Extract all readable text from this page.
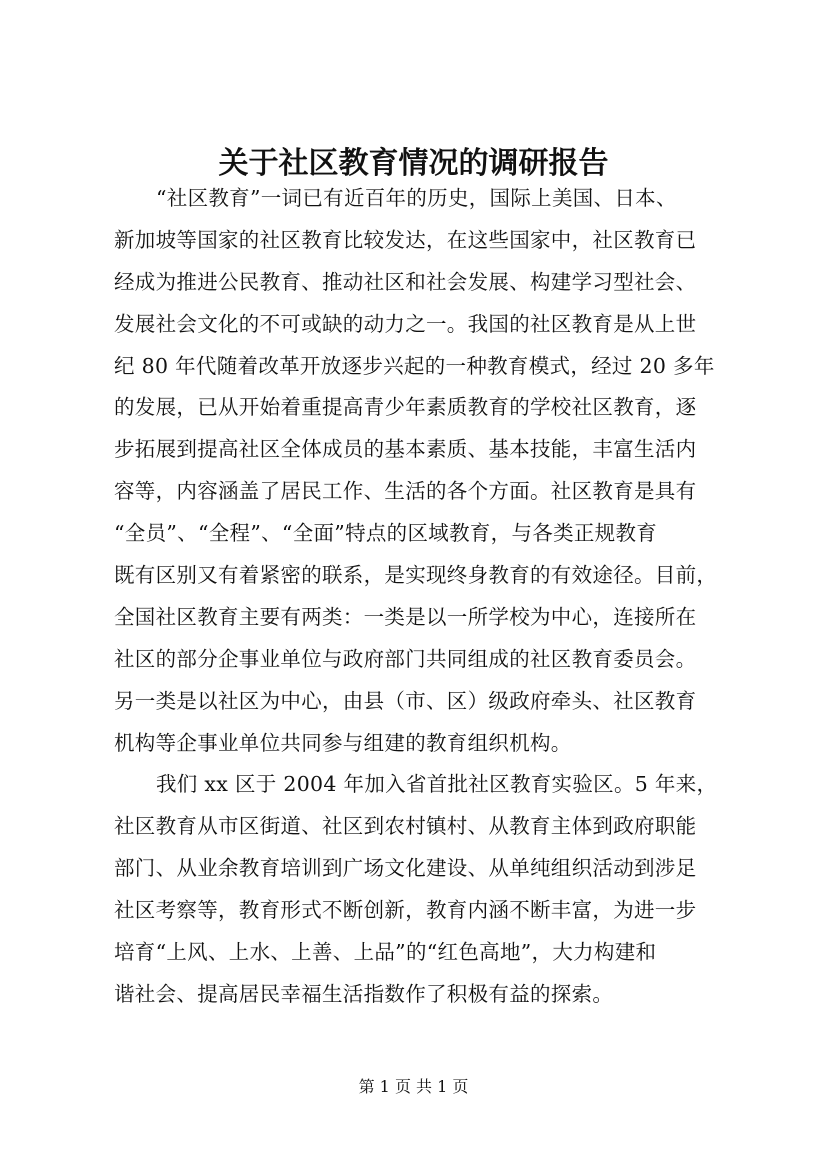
关于社区教育情况的调研报告
“社区教育”一词已有近百年的历史，国际上美国、日本、
新加坡等国家的社区教育比较发达，在这些国家中，社区教育已
经成为推进公民教育、推动社区和社会发展、构建学习型社会、
发展社会文化的不可或缺的动力之一。我国的社区教育是从上世
纪 80 年代随着改革开放逐步兴起的一种教育模式，经过 20 多年
的发展，已从开始着重提高青少年素质教育的学校社区教育，逐
步拓展到提高社区全体成员的基本素质、基本技能，丰富生活内
容等，内容涵盖了居民工作、生活的各个方面。社区教育是具有
“全员”、“全程”、“全面”特点的区域教育，与各类正规教育
既有区别又有着紧密的联系，是实现终身教育的有效途径。目前，
全国社区教育主要有两类：一类是以一所学校为中心，连接所在
社区的部分企事业单位与政府部门共同组成的社区教育委员会。
另一类是以社区为中心，由县（市、区）级政府牵头、社区教育
机构等企事业单位共同参与组建的教育组织机构。
我们 xx 区于 2004 年加入省首批社区教育实验区。5 年来，
社区教育从市区街道、社区到农村镇村、从教育主体到政府职能
部门、从业余教育培训到广场文化建设、从单纯组织活动到涉足
社区考察等，教育形式不断创新，教育内涵不断丰富，为进一步
培育“上风、上水、上善、上品”的“红色高地”，大力构建和
谐社会、提高居民幸福生活指数作了积极有益的探索。
第 1 页 共 1 页
